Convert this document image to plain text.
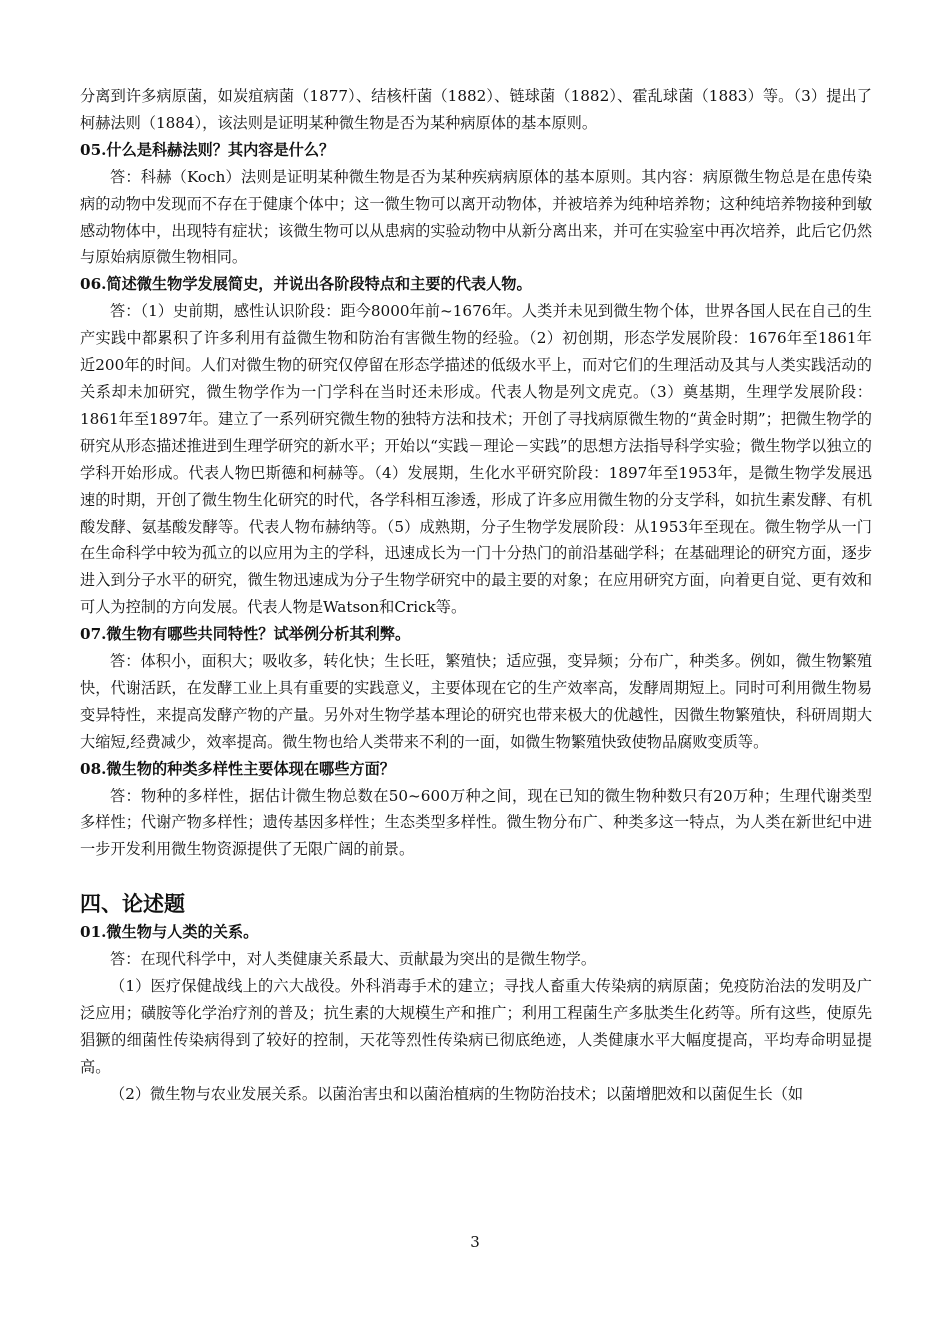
分离到许多病原菌，如炭疽病菌（1877）、结核杆菌（1882）、链球菌（1882）、霍乱球菌（1883）等。（3）提出了柯赫法则（1884），该法则是证明某种微生物是否为某种病原体的基本原则。

05.什么是科赫法则？其内容是什么？

答：科赫（Koch）法则是证明某种微生物是否为某种疾病病原体的基本原则。其内容：病原微生物总是在患传染病的动物中发现而不存在于健康个体中；这一微生物可以离开动物体，并被培养为纯种培养物；这种纯培养物接种到敏感动物体中，出现特有症状；该微生物可以从患病的实验动物中从新分离出来，并可在实验室中再次培养，此后它仍然与原始病原微生物相同。

06.简述微生物学发展简史，并说出各阶段特点和主要的代表人物。

答：（1）史前期，感性认识阶段：距今8000年前~1676年。人类并未见到微生物个体，世界各国人民在自己的生产实践中都累积了许多利用有益微生物和防治有害微生物的经验。（2）初创期，形态学发展阶段：1676年至1861年近200年的时间。人们对微生物的研究仅停留在形态学描述的低级水平上，而对它们的生理活动及其与人类实践活动的关系却未加研究，微生物学作为一门学科在当时还未形成。代表人物是列文虎克。（3）奠基期，生理学发展阶段：1861年至1897年。建立了一系列研究微生物的独特方法和技术；开创了寻找病原微生物的“黄金时期”；把微生物学的研究从形态描述推进到生理学研究的新水平；开始以“实践－理论－实践”的思想方法指导科学实验；微生物学以独立的学科开始形成。代表人物巴斯德和柯赫等。（4）发展期，生化水平研究阶段：1897年至1953年，是微生物学发展迅速的时期，开创了微生物生化研究的时代，各学科相互渗透，形成了许多应用微生物的分支学科，如抗生素发酵、有机酸发酵、氨基酸发酵等。代表人物布赫纳等。（5）成熟期，分子生物学发展阶段：从1953年至现在。微生物学从一门在生命科学中较为孤立的以应用为主的学科，迅速成长为一门十分热门的前沿基础学科；在基础理论的研究方面，逐步进入到分子水平的研究，微生物迅速成为分子生物学研究中的最主要的对象；在应用研究方面，向着更自觉、更有效和可人为控制的方向发展。代表人物是Watson和Crick等。

07.微生物有哪些共同特性？试举例分析其利弊。

答：体积小，面积大；吸收多，转化快；生长旺，繁殖快；适应强，变异频；分布广，种类多。例如，微生物繁殖快，代谢活跃，在发酵工业上具有重要的实践意义，主要体现在它的生产效率高，发酵周期短上。同时可利用微生物易变异特性，来提高发酵产物的产量。另外对生物学基本理论的研究也带来极大的优越性，因微生物繁殖快，科研周期大大缩短,经费减少，效率提高。微生物也给人类带来不利的一面，如微生物繁殖快致使物品腐败变质等。

08.微生物的种类多样性主要体现在哪些方面？

答：物种的多样性，据估计微生物总数在50~600万种之间，现在已知的微生物种数只有20万种；生理代谢类型多样性；代谢产物多样性；遗传基因多样性；生态类型多样性。微生物分布广、种类多这一特点，为人类在新世纪中进一步开发利用微生物资源提供了无限广阔的前景。

四、论述题

01.微生物与人类的关系。

答：在现代科学中，对人类健康关系最大、贡献最为突出的是微生物学。

（1）医疗保健战线上的六大战役。外科消毒手术的建立；寻找人畜重大传染病的病原菌；免疫防治法的发明及广泛应用；磺胺等化学治疗剂的普及；抗生素的大规模生产和推广；利用工程菌生产多肽类生化药等。所有这些，使原先猖獗的细菌性传染病得到了较好的控制，天花等烈性传染病已彻底绝迹，人类健康水平大幅度提高，平均寿命明显提高。

（2）微生物与农业发展关系。以菌治害虫和以菌治植病的生物防治技术；以菌增肥效和以菌促生长（如

3
